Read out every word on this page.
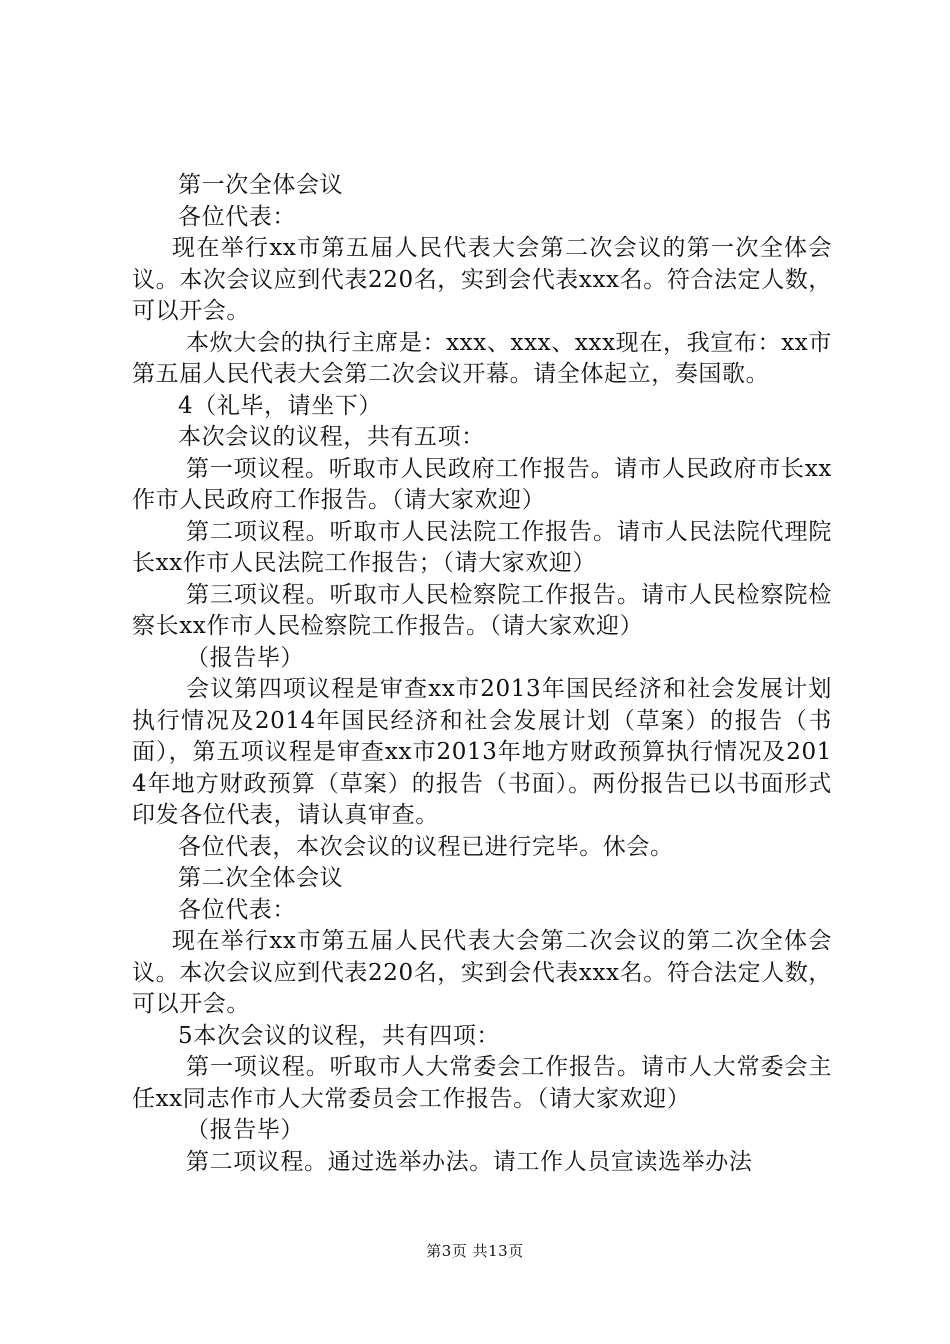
第一次全体会议

各位代表：

现在举行xx市第五届人民代表大会第二次会议的第一次全体会议。本次会议应到代表220名，实到会代表xxx名。符合法定人数，可以开会。

本炊大会的执行主席是：xxx、xxx、xxx现在，我宣布：xx市第五届人民代表大会第二次会议开幕。请全体起立，奏国歌。

4（礼毕，请坐下）

本次会议的议程，共有五项：

第一项议程。听取市人民政府工作报告。请市人民政府市长xx作市人民政府工作报告。（请大家欢迎）

第二项议程。听取市人民法院工作报告。请市人民法院代理院长xx作市人民法院工作报告；（请大家欢迎）

第三项议程。听取市人民检察院工作报告。请市人民检察院检察长xx作市人民检察院工作报告。（请大家欢迎）

（报告毕）

会议第四项议程是审查xx市2013年国民经济和社会发展计划执行情况及2014年国民经济和社会发展计划（草案）的报告（书面），第五项议程是审查xx市2013年地方财政预算执行情况及2014年地方财政预算（草案）的报告（书面）。两份报告已以书面形式印发各位代表，请认真审查。

各位代表，本次会议的议程已进行完毕。休会。

第二次全体会议

各位代表：

现在举行xx市第五届人民代表大会第二次会议的第二次全体会议。本次会议应到代表220名，实到会代表xxx名。符合法定人数，可以开会。

5本次会议的议程，共有四项：

第一项议程。听取市人大常委会工作报告。请市人大常委会主任xx同志作市人大常委员会工作报告。（请大家欢迎）

（报告毕）

第二项议程。通过选举办法。请工作人员宣读选举办法

第3页 共13页
